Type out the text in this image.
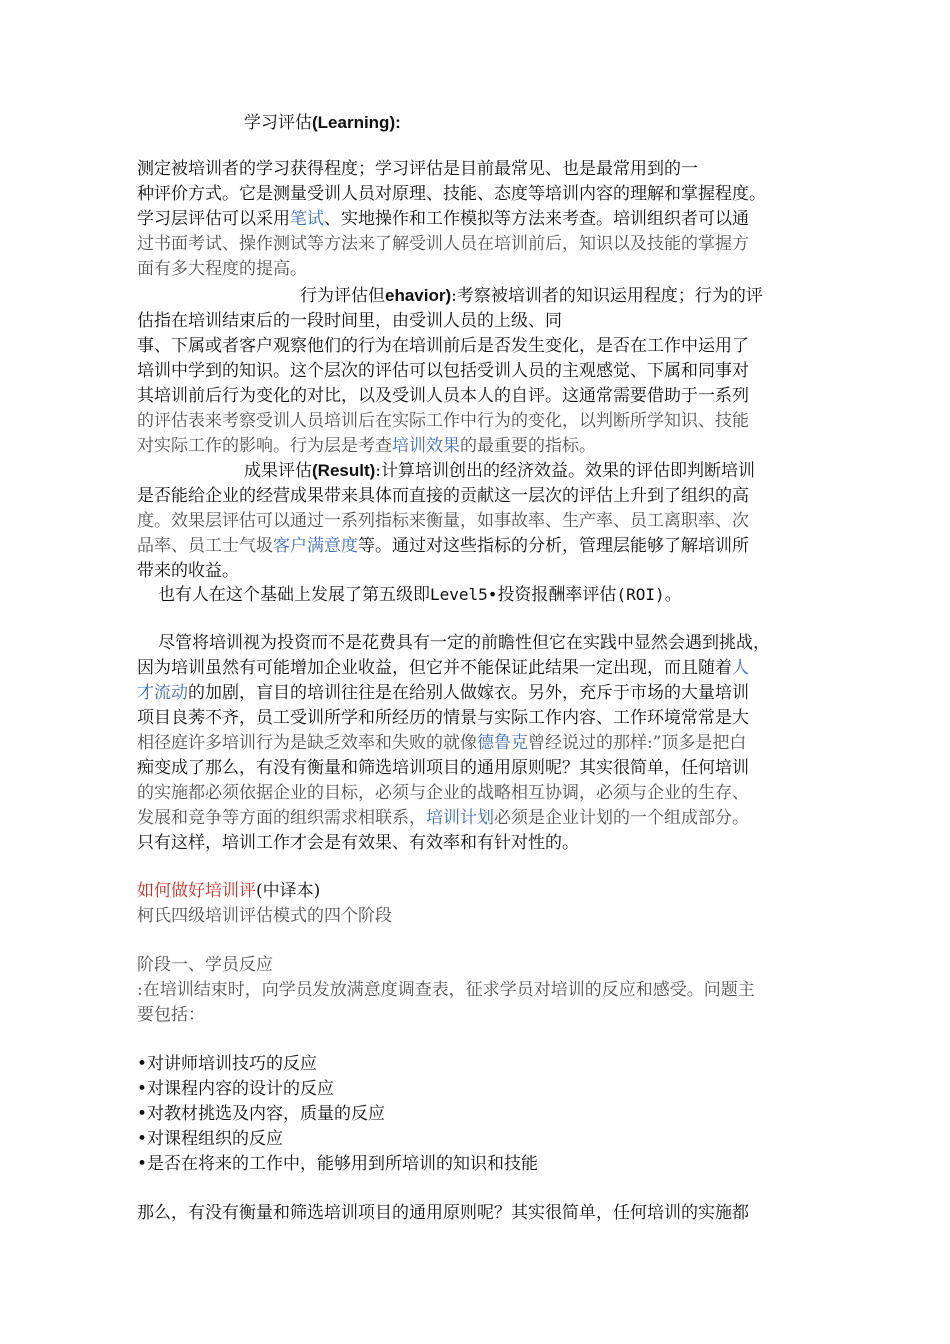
学习评估(Learning):
测定被培训者的学习获得程度；学习评估是目前最常见、也是最常用到的一
种评价方式。它是测量受训人员对原理、技能、态度等培训内容的理解和掌握程度。
学习层评估可以采用笔试、实地操作和工作模拟等方法来考查。培训组织者可以通
过书面考试、操作测试等方法来了解受训人员在培训前后，知识以及技能的掌握方
面有多大程度的提高。
行为评估但ehavior):考察被培训者的知识运用程度；行为的评
估指在培训结束后的一段时间里，由受训人员的上级、同
事、下属或者客户观察他们的行为在培训前后是否发生变化，是否在工作中运用了
培训中学到的知识。这个层次的评估可以包括受训人员的主观感觉、下属和同事对
其培训前后行为变化的对比，以及受训人员本人的自评。这通常需要借助于一系列
的评估表来考察受训人员培训后在实际工作中行为的变化，以判断所学知识、技能
对实际工作的影响。行为层是考查培训效果的最重要的指标。
成果评估(Result):计算培训创出的经济效益。效果的评估即判断培训
是否能给企业的经营成果带来具体而直接的贡献这一层次的评估上升到了组织的高
度。效果层评估可以通过一系列指标来衡量，如事故率、生产率、员工离职率、次
品率、员工士气圾客户满意度等。通过对这些指标的分析，管理层能够了解培训所
带来的收益。
也有人在这个基础上发展了第五级即Level5•投资报酬率评估(ROI)。
尽管将培训视为投资而不是花费具有一定的前瞻性但它在实践中显然会遇到挑战，
因为培训虽然有可能增加企业收益，但它并不能保证此结果一定出现，而且随着人
才流动的加剧，盲目的培训往往是在给别人做嫁衣。另外，充斥于市场的大量培训
项目良莠不齐，员工受训所学和所经历的情景与实际工作内容、工作环境常常是大
相径庭许多培训行为是缺乏效率和失败的就像德鲁克曾经说过的那样:”顶多是把白
痴变成了那么，有没有衡量和筛选培训项目的通用原则呢？其实很简单，任何培训
的实施都必须依据企业的目标，必须与企业的战略相互协调，必须与企业的生存、
发展和竞争等方面的组织需求相联系，培训计划必须是企业计划的一个组成部分。
只有这样，培训工作才会是有效果、有效率和有针对性的。
如何做好培训评(中译本)
柯氏四级培训评估模式的四个阶段
阶段一、学员反应
:在培训结束时，向学员发放满意度调查表，征求学员对培训的反应和感受。问题主
要包括：
•对讲师培训技巧的反应
•对课程内容的设计的反应
•对教材挑选及内容，质量的反应
•对课程组织的反应
•是否在将来的工作中，能够用到所培训的知识和技能
那么，有没有衡量和筛选培训项目的通用原则呢？其实很简单，任何培训的实施都
